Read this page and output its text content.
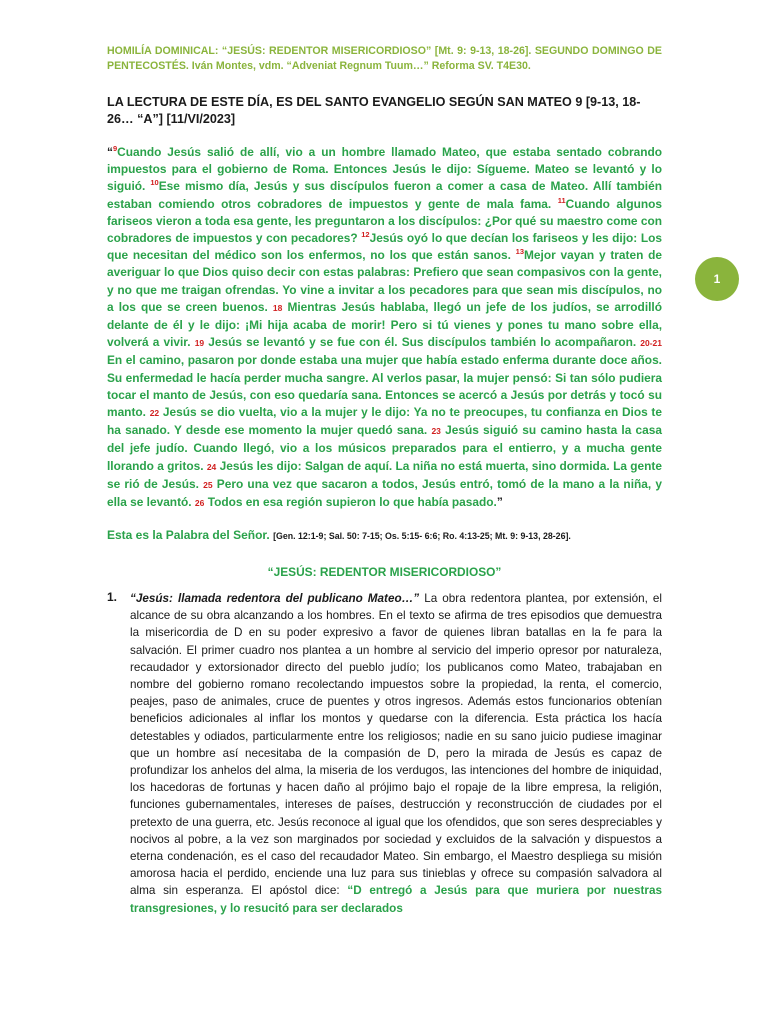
HOMILÍA DOMINICAL: “JESÚS: REDENTOR MISERICORDIOSO” [Mt. 9: 9-13, 18-26]. SEGUNDO DOMINGO DE PENTECOSTÉS. Iván Montes, vdm. “Adveniat Regnum Tuum…” Reforma SV. T4E30.
LA LECTURA DE ESTE DÍA, ES DEL SANTO EVANGELIO SEGÚN SAN MATEO 9 [9-13, 18-26… “A”] [11/VI/2023]
“$^9$Cuando Jesús salió de allí, vio a un hombre llamado Mateo, que estaba sentado cobrando impuestos para el gobierno de Roma. Entonces Jesús le dijo: Sígueme. Mateo se levantó y lo siguió. $^{10}$Ese mismo día, Jesús y sus discípulos fueron a comer a casa de Mateo. Allí también estaban comiendo otros cobradores de impuestos y gente de mala fama. $^{11}$Cuando algunos fariseos vieron a toda esa gente, les preguntaron a los discípulos: ¿Por qué su maestro come con cobradores de impuestos y con pecadores? $^{12}$Jesús oyó lo que decían los fariseos y les dijo: Los que necesitan del médico son los enfermos, no los que están sanos. $^{13}$Mejor vayan y traten de averiguar lo que Dios quiso decir con estas palabras: Prefiero que sean compasivos con la gente, y no que me traigan ofrendas. Yo vine a invitar a los pecadores para que sean mis discípulos, no a los que se creen buenos. 18 Mientras Jesús hablaba, llegó un jefe de los judíos, se arrodilló delante de él y le dijo: ¡Mi hija acaba de morir! Pero si tú vienes y pones tu mano sobre ella, volverá a vivir. 19 Jesús se levantó y se fue con él. Sus discípulos también lo acompañaron. 20-21 En el camino, pasaron por donde estaba una mujer que había estado enferma durante doce años. Su enfermedad le hacía perder mucha sangre. Al verlos pasar, la mujer pensó: Si tan sólo pudiera tocar el manto de Jesús, con eso quedaría sana. Entonces se acercó a Jesús por detrás y tocó su manto. 22 Jesús se dio vuelta, vio a la mujer y le dijo: Ya no te preocupes, tu confianza en Dios te ha sanado. Y desde ese momento la mujer quedó sana. 23 Jesús siguió su camino hasta la casa del jefe judío. Cuando llegó, vio a los músicos preparados para el entierro, y a mucha gente llorando a gritos. 24 Jesús les dijo: Salgan de aquí. La niña no está muerta, sino dormida. La gente se rió de Jesús. 25 Pero una vez que sacaron a todos, Jesús entró, tomó de la mano a la niña, y ella se levantó. 26 Todos en esa región supieron lo que había pasado.”
Esta es la Palabra del Señor. [Gen. 12:1-9; Sal. 50: 7-15; Os. 5:15- 6:6; Ro. 4:13-25; Mt. 9: 9-13, 28-26].
“JESÚS: REDENTOR MISERICORDIOSO”
1. “Jesús: llamada redentora del publicano Mateo…” La obra redentora plantea, por extensión, el alcance de su obra alcanzando a los hombres. En el texto se afirma de tres episodios que demuestra la misericordia de D en su poder expresivo a favor de quienes libran batallas en la fe para la salvación. El primer cuadro nos plantea a un hombre al servicio del imperio opresor por naturaleza, recaudador y extorsionador directo del pueblo judío; los publicanos como Mateo, trabajaban en nombre del gobierno romano recolectando impuestos sobre la propiedad, la renta, el comercio, peajes, paso de animales, cruce de puentes y otros ingresos. Además estos funcionarios obtenían beneficios adicionales al inflar los montos y quedarse con la diferencia. Esta práctica los hacía detestables y odiados, particularmente entre los religiosos; nadie en su sano juicio pudiese imaginar que un hombre así necesitaba de la compasión de D, pero la mirada de Jesús es capaz de profundizar los anhelos del alma, la miseria de los verdugos, las intenciones del hombre de iniquidad, los hacedoras de fortunas y hacen daño al prójimo bajo el ropaje de la libre empresa, la religión, funciones gubernamentales, intereses de países, destrucción y reconstrucción de ciudades por el pretexto de una guerra, etc. Jesús reconoce al igual que los ofendidos, que son seres despreciables y nocivos al pobre, a la vez son marginados por sociedad y excluidos de la salvación y dispuestos a eterna condenación, es el caso del recaudador Mateo. Sin embargo, el Maestro despliega su misión amorosa hacia el perdido, enciende una luz para sus tinieblas y ofrece su compasión salvadora al alma sin esperanza. El apóstol dice: “D entregó a Jesús para que muriera por nuestras transgresiones, y lo resucitó para ser declarados
1
